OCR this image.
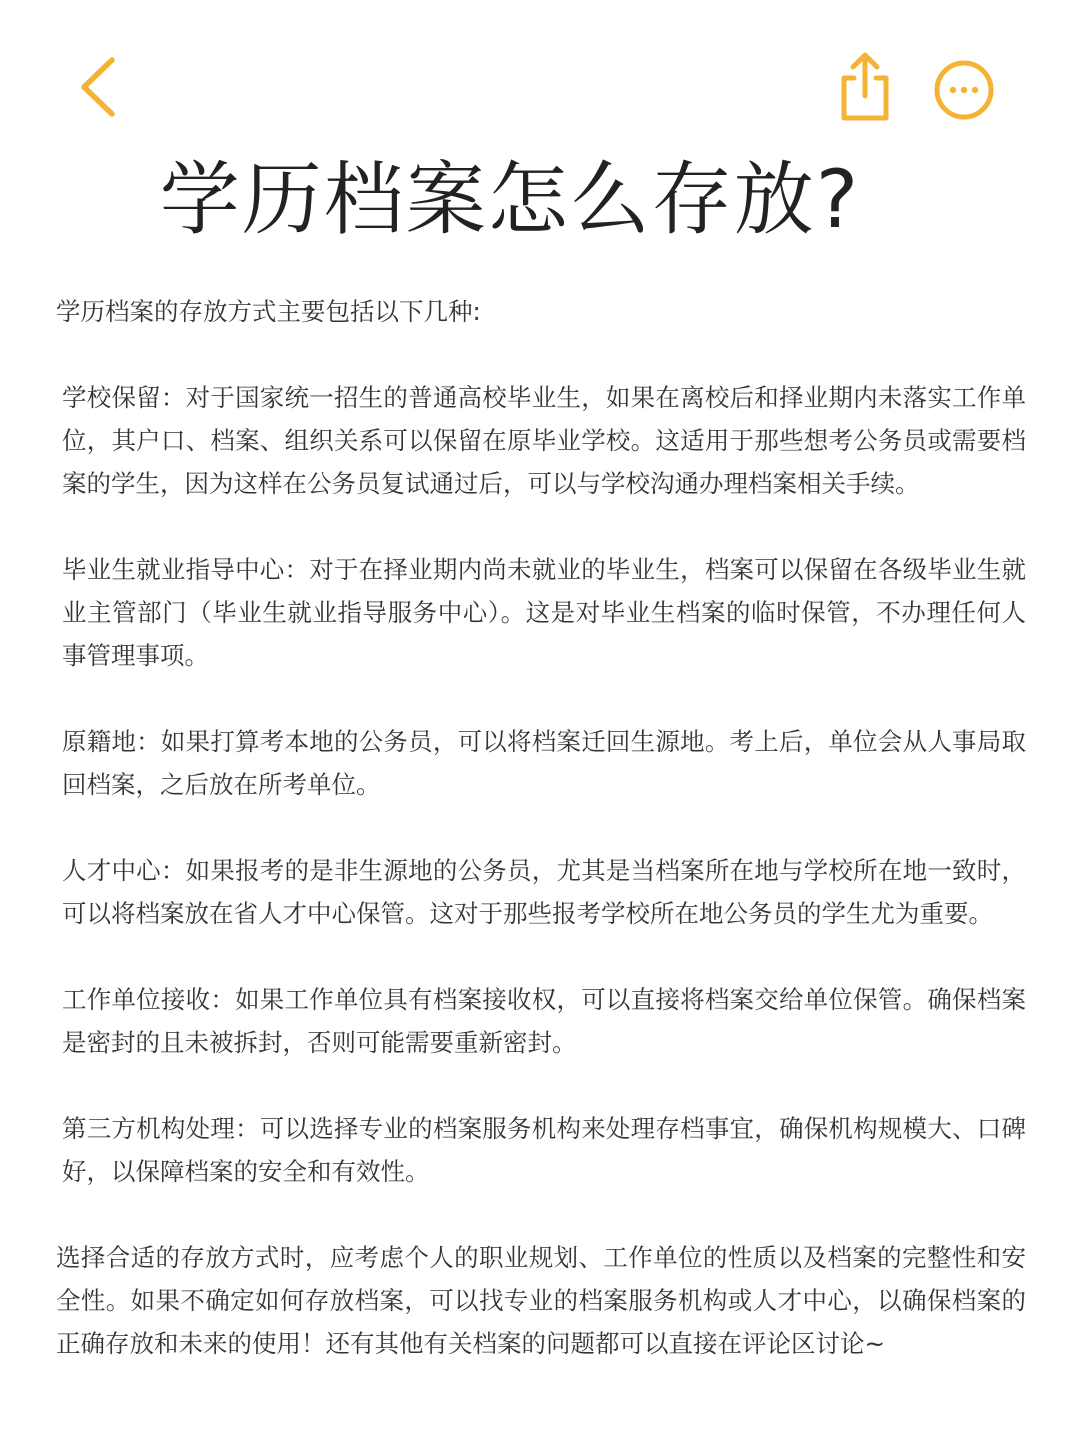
学历档案怎么存放?

学历档案的存放方式主要包括以下几种:

学校保留：对于国家统一招生的普通高校毕业生，如果在离校后和择业期内未落实工作单位，其户口、档案、组织关系可以保留在原毕业学校。这适用于那些想考公务员或需要档案的学生，因为这样在公务员复试通过后，可以与学校沟通办理档案相关手续。

毕业生就业指导中心：对于在择业期内尚未就业的毕业生，档案可以保留在各级毕业生就业主管部门（毕业生就业指导服务中心）。这是对毕业生档案的临时保管，不办理任何人事管理事项。

原籍地：如果打算考本地的公务员，可以将档案迁回生源地。考上后，单位会从人事局取回档案，之后放在所考单位。

人才中心：如果报考的是非生源地的公务员，尤其是当档案所在地与学校所在地一致时，可以将档案放在省人才中心保管。这对于那些报考学校所在地公务员的学生尤为重要。

工作单位接收：如果工作单位具有档案接收权，可以直接将档案交给单位保管。确保档案是密封的且未被拆封，否则可能需要重新密封。

第三方机构处理：可以选择专业的档案服务机构来处理存档事宜，确保机构规模大、口碑好，以保障档案的安全和有效性。

选择合适的存放方式时，应考虑个人的职业规划、工作单位的性质以及档案的完整性和安全性。如果不确定如何存放档案，可以找专业的档案服务机构或人才中心，以确保档案的正确存放和未来的使用！还有其他有关档案的问题都可以直接在评论区讨论~
